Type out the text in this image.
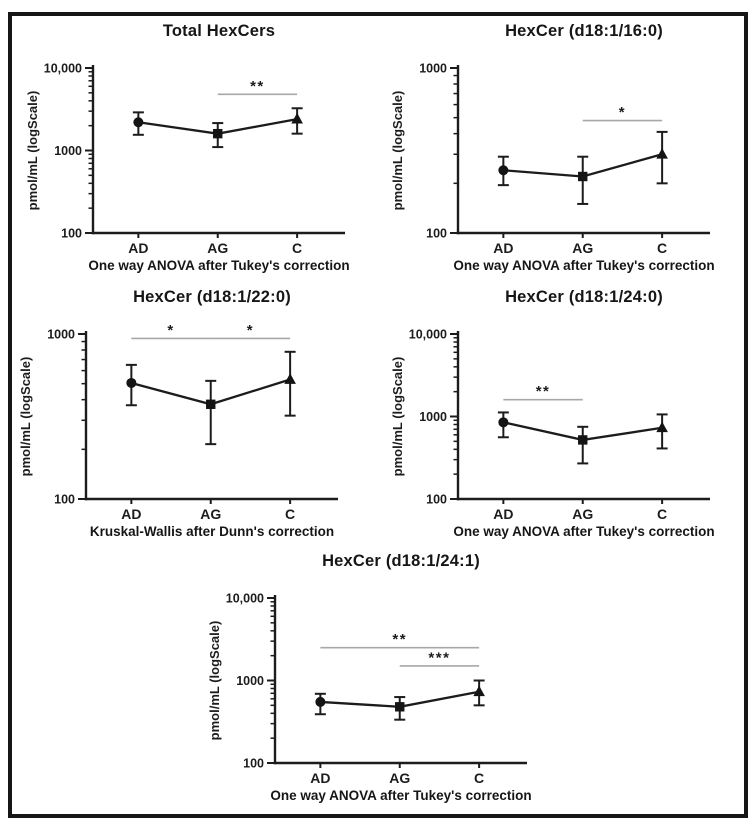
Total HexCers
**
100
1000
10,000
AD	AG	C
pmol/mL (logScale)
One way ANOVA after Tukey's correction
HexCer (d18:1/16:0)
*
100
1000
AD	AG	C
pmol/mL (logScale)
One way ANOVA after Tukey's correction
HexCer (d18:1/22:0)
*	*
100
1000
AD	AG	C
pmol/mL (logScale)
Kruskal-Wallis after Dunn's correction
HexCer (d18:1/24:0)
**
100
1000
10,000
AD	AG	C
pmol/mL (logScale)
One way ANOVA after Tukey's correction
HexCer (d18:1/24:1)
**
***
100
1000
10,000
AD	AG	C
pmol/mL (logScale)
One way ANOVA after Tukey's correction
